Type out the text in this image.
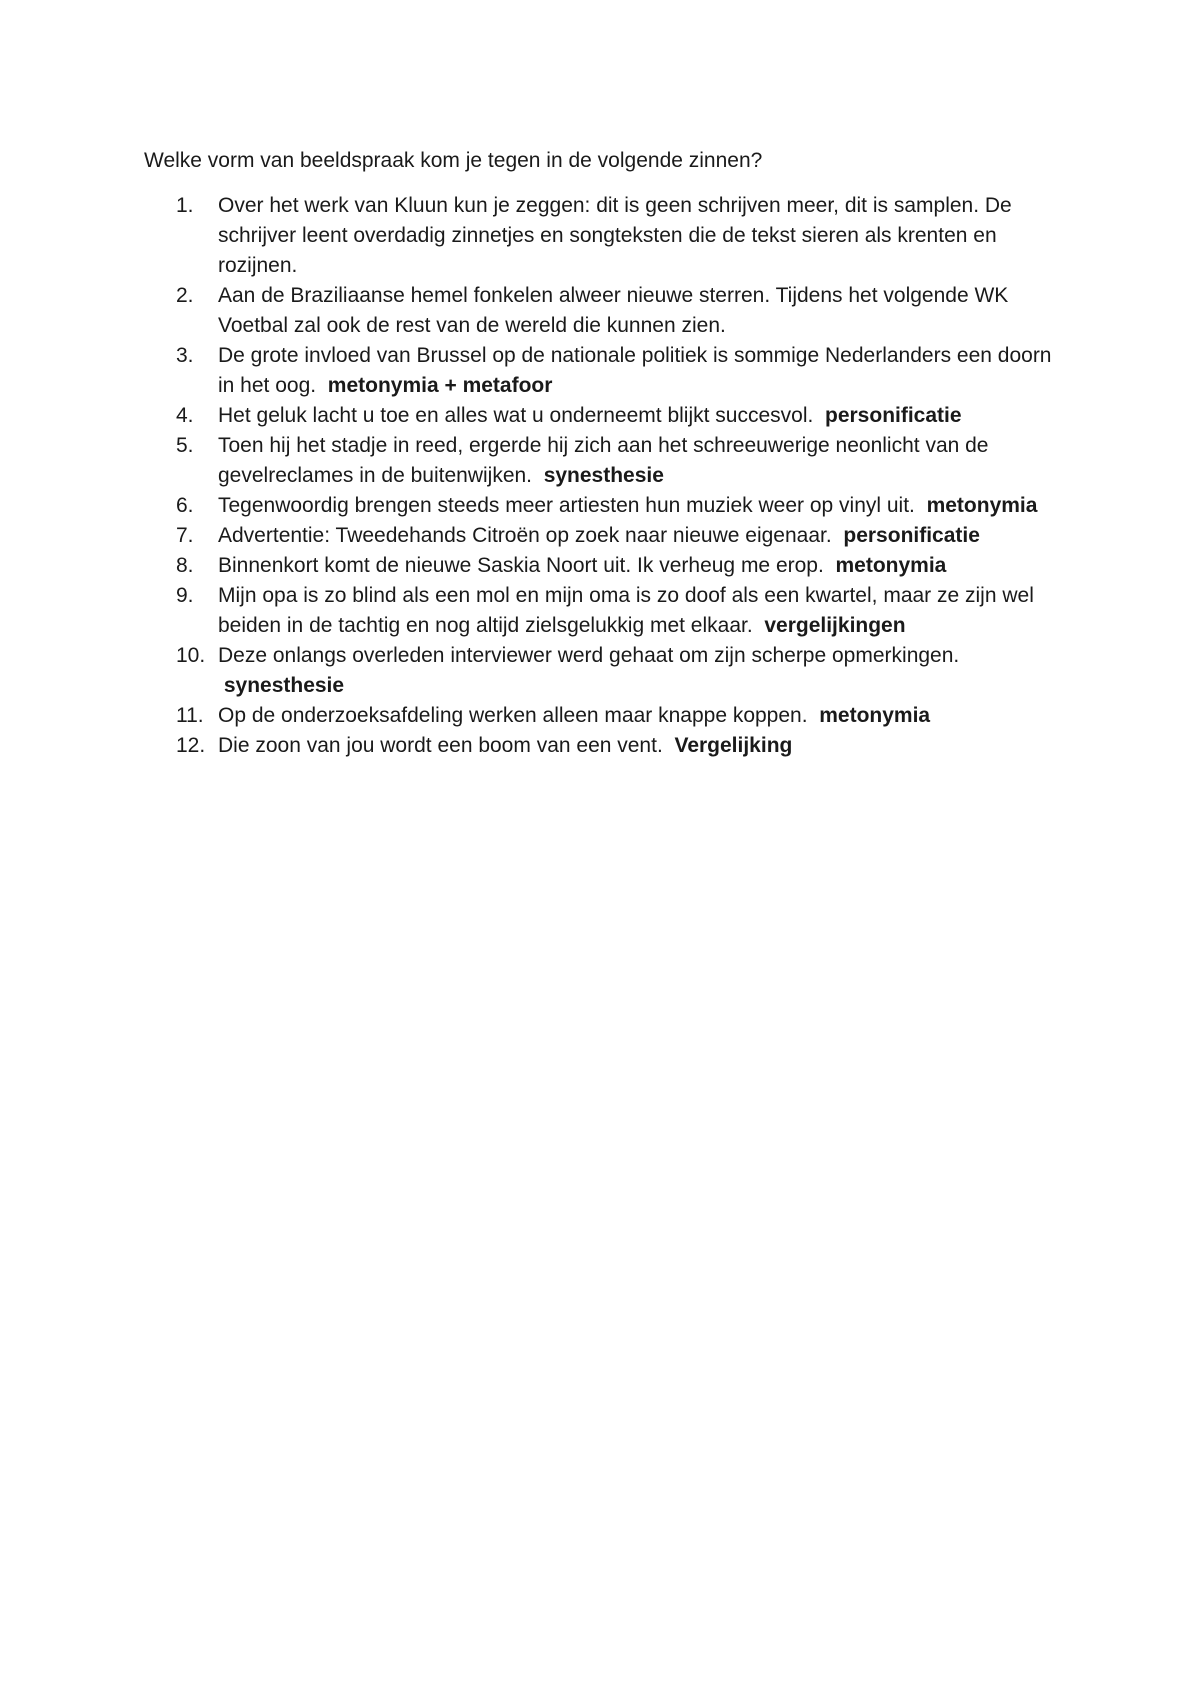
Welke vorm van beeldspraak kom je tegen in de volgende zinnen?

1. Over het werk van Kluun kun je zeggen: dit is geen schrijven meer, dit is samplen. De schrijver leent overdadig zinnetjes en songteksten die de tekst sieren als krenten en rozijnen.
2. Aan de Braziliaanse hemel fonkelen alweer nieuwe sterren. Tijdens het volgende WK Voetbal zal ook de rest van de wereld die kunnen zien.
3. De grote invloed van Brussel op de nationale politiek is sommige Nederlanders een doorn in het oog.  metonymia + metafoor
4. Het geluk lacht u toe en alles wat u onderneemt blijkt succesvol.  personificatie
5. Toen hij het stadje in reed, ergerde hij zich aan het schreeuwerige neonlicht van de gevelreclames in de buitenwijken.  synesthesie
6. Tegenwoordig brengen steeds meer artiesten hun muziek weer op vinyl uit.  metonymia
7. Advertentie: Tweedehands Citroën op zoek naar nieuwe eigenaar.  personificatie
8. Binnenkort komt de nieuwe Saskia Noort uit. Ik verheug me erop.  metonymia
9. Mijn opa is zo blind als een mol en mijn oma is zo doof als een kwartel, maar ze zijn wel beiden in de tachtig en nog altijd zielsgelukkig met elkaar.  vergelijkingen
10. Deze onlangs overleden interviewer werd gehaat om zijn scherpe opmerkingen.  synesthesie
11. Op de onderzoeksafdeling werken alleen maar knappe koppen.  metonymia
12. Die zoon van jou wordt een boom van een vent.  Vergelijking
